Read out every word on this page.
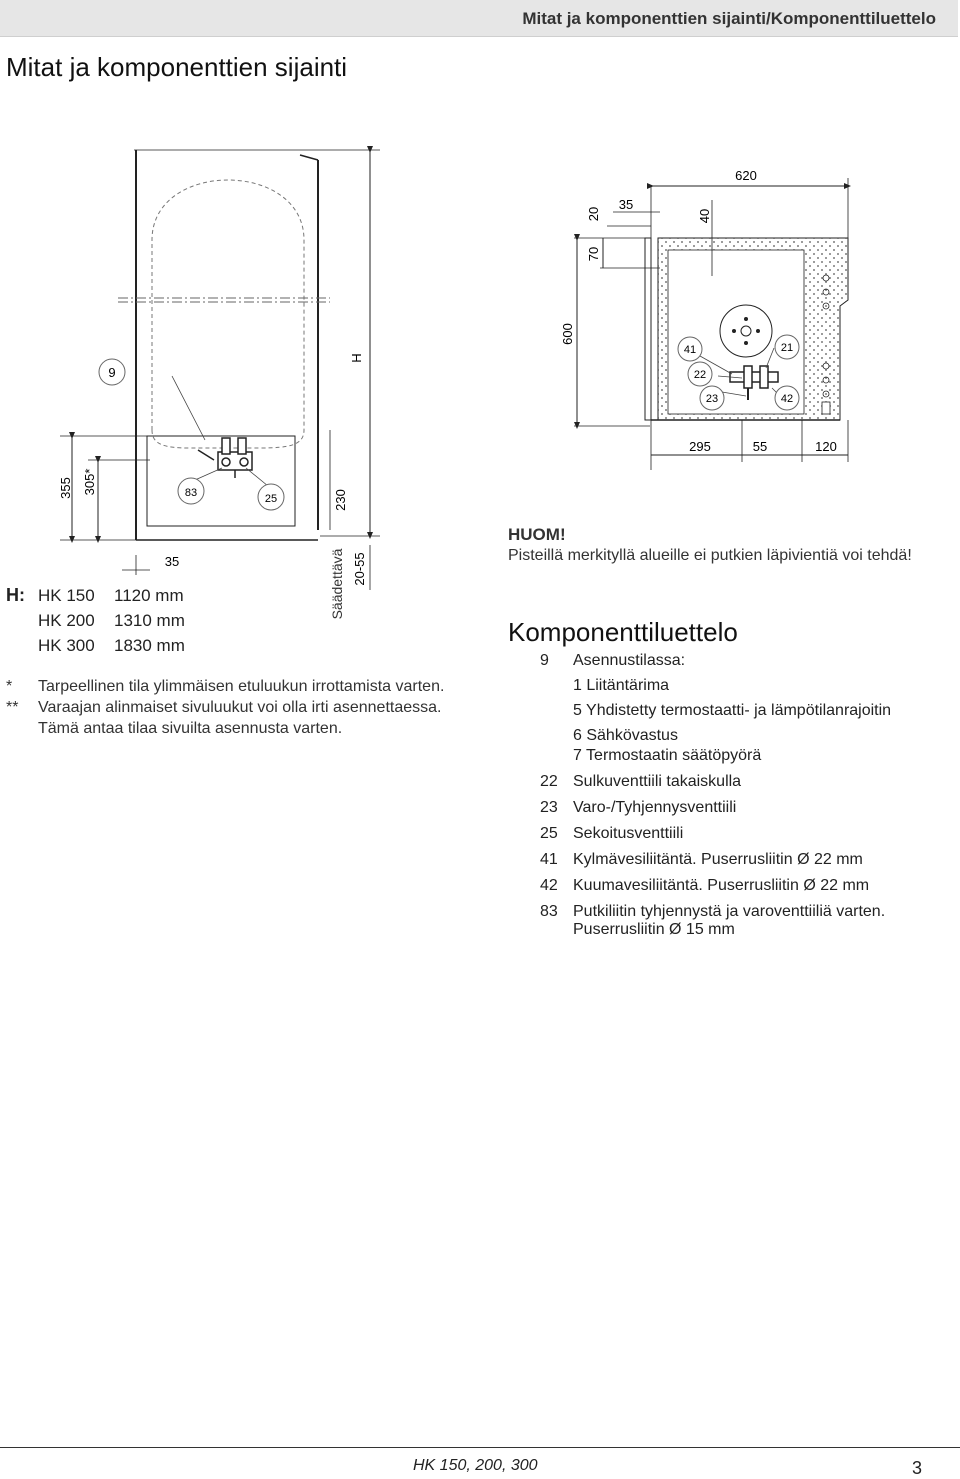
Mitat ja komponenttien sijainti/Komponenttiluettelo
Mitat ja komponenttien sijainti
9
83	25
H
230
20-55
Säädettävä
355 305*
35
41	21
22
23	42
600
70
20
35
40
620
295	55	120
H: HK 150 1120 mm
HK 200 1310 mm
HK 300 1830 mm
* Tarpeellinen tila ylimmäisen etuluukun irrottamista varten.
** Varaajan alinmaiset sivuluukut voi olla irti asennettaessa.
Tämä antaa tilaa sivuilta asennusta varten.
HUOM!
Pisteillä merkityllä alueille ei putkien läpivientiä voi tehdä!
Komponenttiluettelo
9	Asennustilassa:
1 Liitäntärima
5 Yhdistetty termostaatti- ja lämpötilanrajoitin
6 Sähkövastus
7 Termostaatin säätöpyörä
22 Sulkuventtiili takaiskulla
23 Varo-/Tyhjennysventtiili
25 Sekoitusventtiili
41 Kylmävesiliitäntä. Puserrusliitin Ø 22 mm
42 Kuumavesiliitäntä. Puserrusliitin Ø 22 mm
83 Putkiliitin tyhjennystä ja varoventtiiliä varten.
Puserrusliitin Ø 15 mm
HK 150, 200, 300	3
